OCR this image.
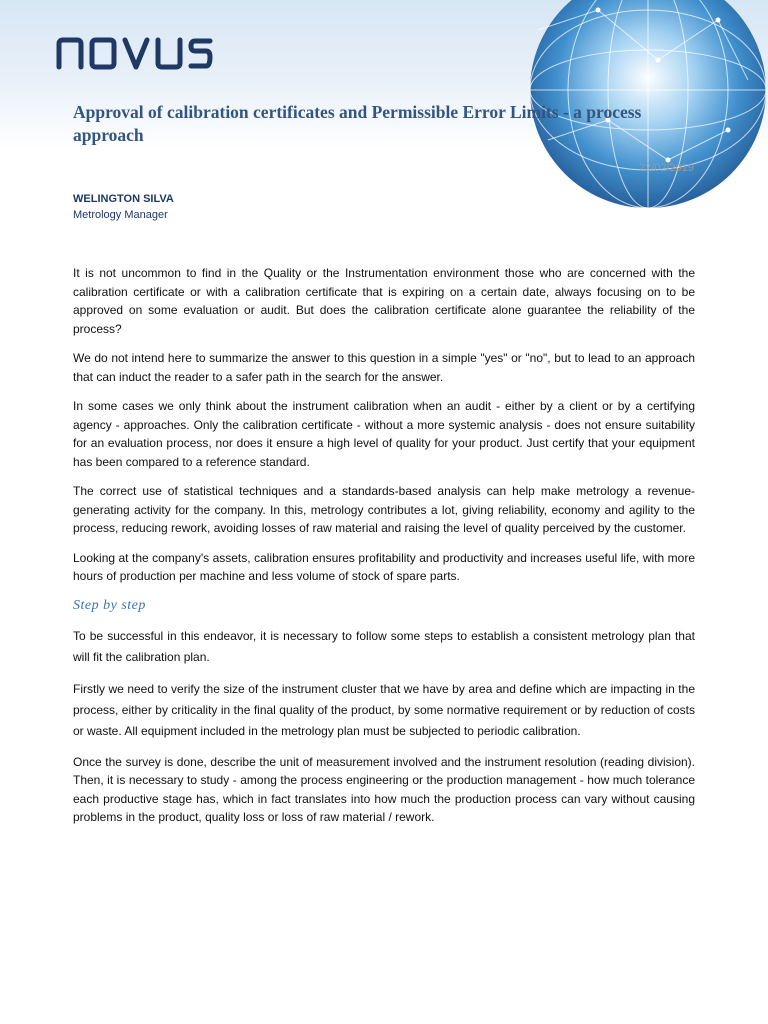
Approval of calibration certificates and Permissible Error Limits - a process approach
22/02/2019
WELINGTON SILVA
Metrology Manager

It is not uncommon to find in the Quality or the Instrumentation environment those who are concerned with the calibration certificate or with a calibration certificate that is expiring on a certain date, always focusing on to be approved on some evaluation or audit. But does the calibration certificate alone guarantee the reliability of the process?

We do not intend here to summarize the answer to this question in a simple "yes" or "no", but to lead to an approach that can induct the reader to a safer path in the search for the answer.

In some cases we only think about the instrument calibration when an audit - either by a client or by a certifying agency - approaches. Only the calibration certificate - without a more systemic analysis - does not ensure suitability for an evaluation process, nor does it ensure a high level of quality for your product. Just certify that your equipment has been compared to a reference standard.

The correct use of statistical techniques and a standards-based analysis can help make metrology a revenue-generating activity for the company. In this, metrology contributes a lot, giving reliability, economy and agility to the process, reducing rework, avoiding losses of raw material and raising the level of quality perceived by the customer.

Looking at the company's assets, calibration ensures profitability and productivity and increases useful life, with more hours of production per machine and less volume of stock of spare parts.

Step by step

To be successful in this endeavor, it is necessary to follow some steps to establish a consistent metrology plan that will fit the calibration plan.

Firstly we need to verify the size of the instrument cluster that we have by area and define which are impacting in the process, either by criticality in the final quality of the product, by some normative requirement or by reduction of costs or waste. All equipment included in the metrology plan must be subjected to periodic calibration.

Once the survey is done, describe the unit of measurement involved and the instrument resolution (reading division). Then, it is necessary to study - among the process engineering or the production management - how much tolerance each productive stage has, which in fact translates into how much the production process can vary without causing problems in the product, quality loss or loss of raw material / rework.
